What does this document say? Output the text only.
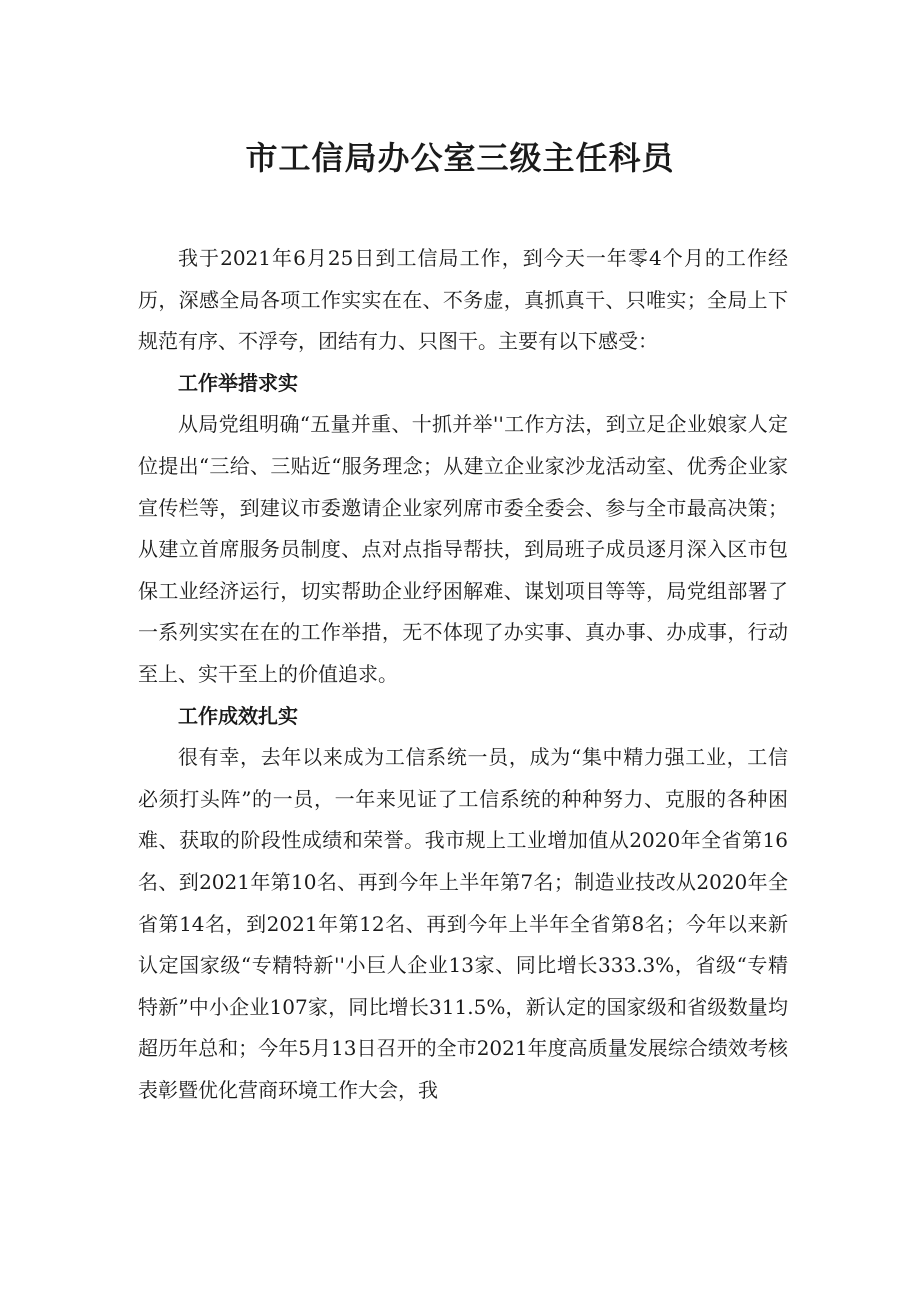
市工信局办公室三级主任科员

我于2021年6月25日到工信局工作，到今天一年零4个月的工作经历，深感全局各项工作实实在在、不务虚，真抓真干、只唯实；全局上下规范有序、不浮夸，团结有力、只图干。主要有以下感受：

工作举措求实

从局党组明确“五量并重、十抓并举''工作方法，到立足企业娘家人定位提出“三给、三贴近“服务理念；从建立企业家沙龙活动室、优秀企业家宣传栏等，到建议市委邀请企业家列席市委全委会、参与全市最高决策；从建立首席服务员制度、点对点指导帮扶，到局班子成员逐月深入区市包保工业经济运行，切实帮助企业纾困解难、谋划项目等等，局党组部署了一系列实实在在的工作举措，无不体现了办实事、真办事、办成事，行动至上、实干至上的价值追求。

工作成效扎实

很有幸，去年以来成为工信系统一员，成为“集中精力强工业，工信必须打头阵”的一员，一年来见证了工信系统的种种努力、克服的各种困难、获取的阶段性成绩和荣誉。我市规上工业增加值从2020年全省第16名、到2021年第10名、再到今年上半年第7名；制造业技改从2020年全省第14名，到2021年第12名、再到今年上半年全省第8名；今年以来新认定国家级“专精特新''小巨人企业13家、同比增长333.3%，省级“专精特新”中小企业107家，同比增长311.5%，新认定的国家级和省级数量均超历年总和；今年5月13日召开的全市2021年度高质量发展综合绩效考核表彰暨优化营商环境工作大会，我
